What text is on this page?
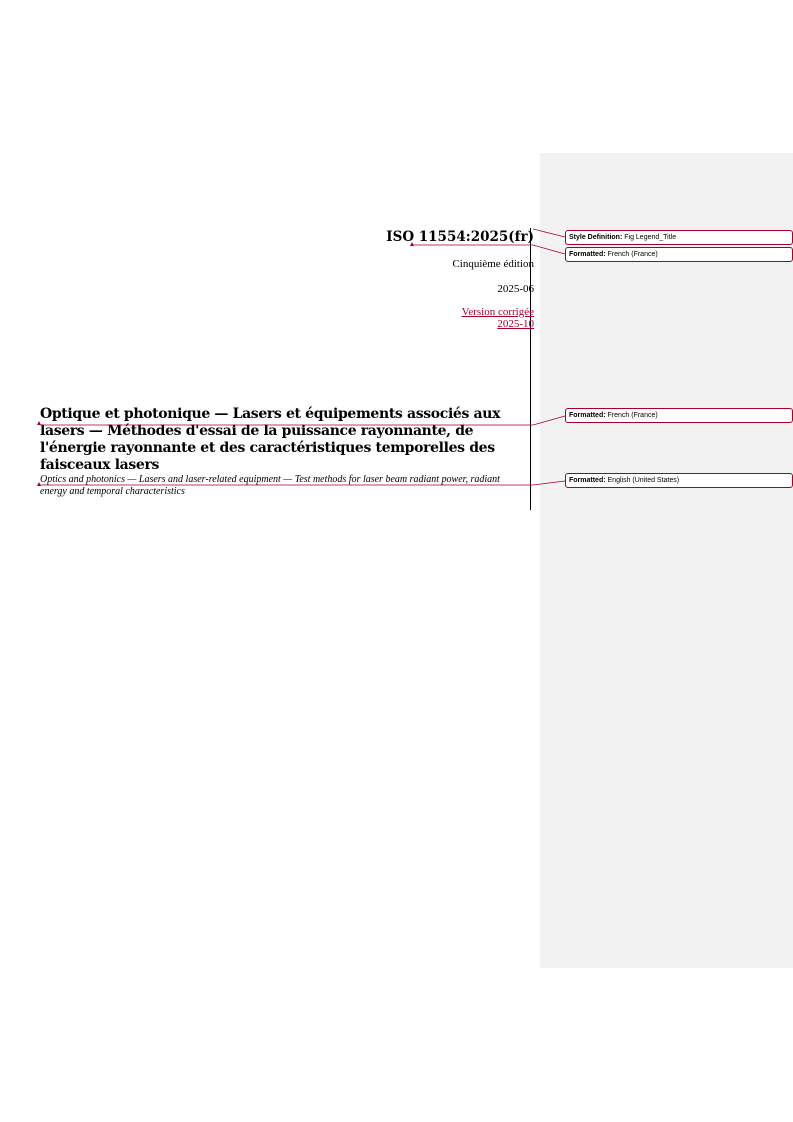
ISO 11554:2025(fr)
Cinquième édition
2025-06
Version corrigée
2025-10
Optique et photonique — Lasers et équipements associés aux lasers — Méthodes d'essai de la puissance rayonnante, de l'énergie rayonnante et des caractéristiques temporelles des faisceaux lasers
Optics and photonics — Lasers and laser-related equipment — Test methods for laser beam radiant power, radiant energy and temporal characteristics
Style Definition: Fig Legend_Title
Formatted: French (France)
Formatted: French (France)
Formatted: English (United States)
